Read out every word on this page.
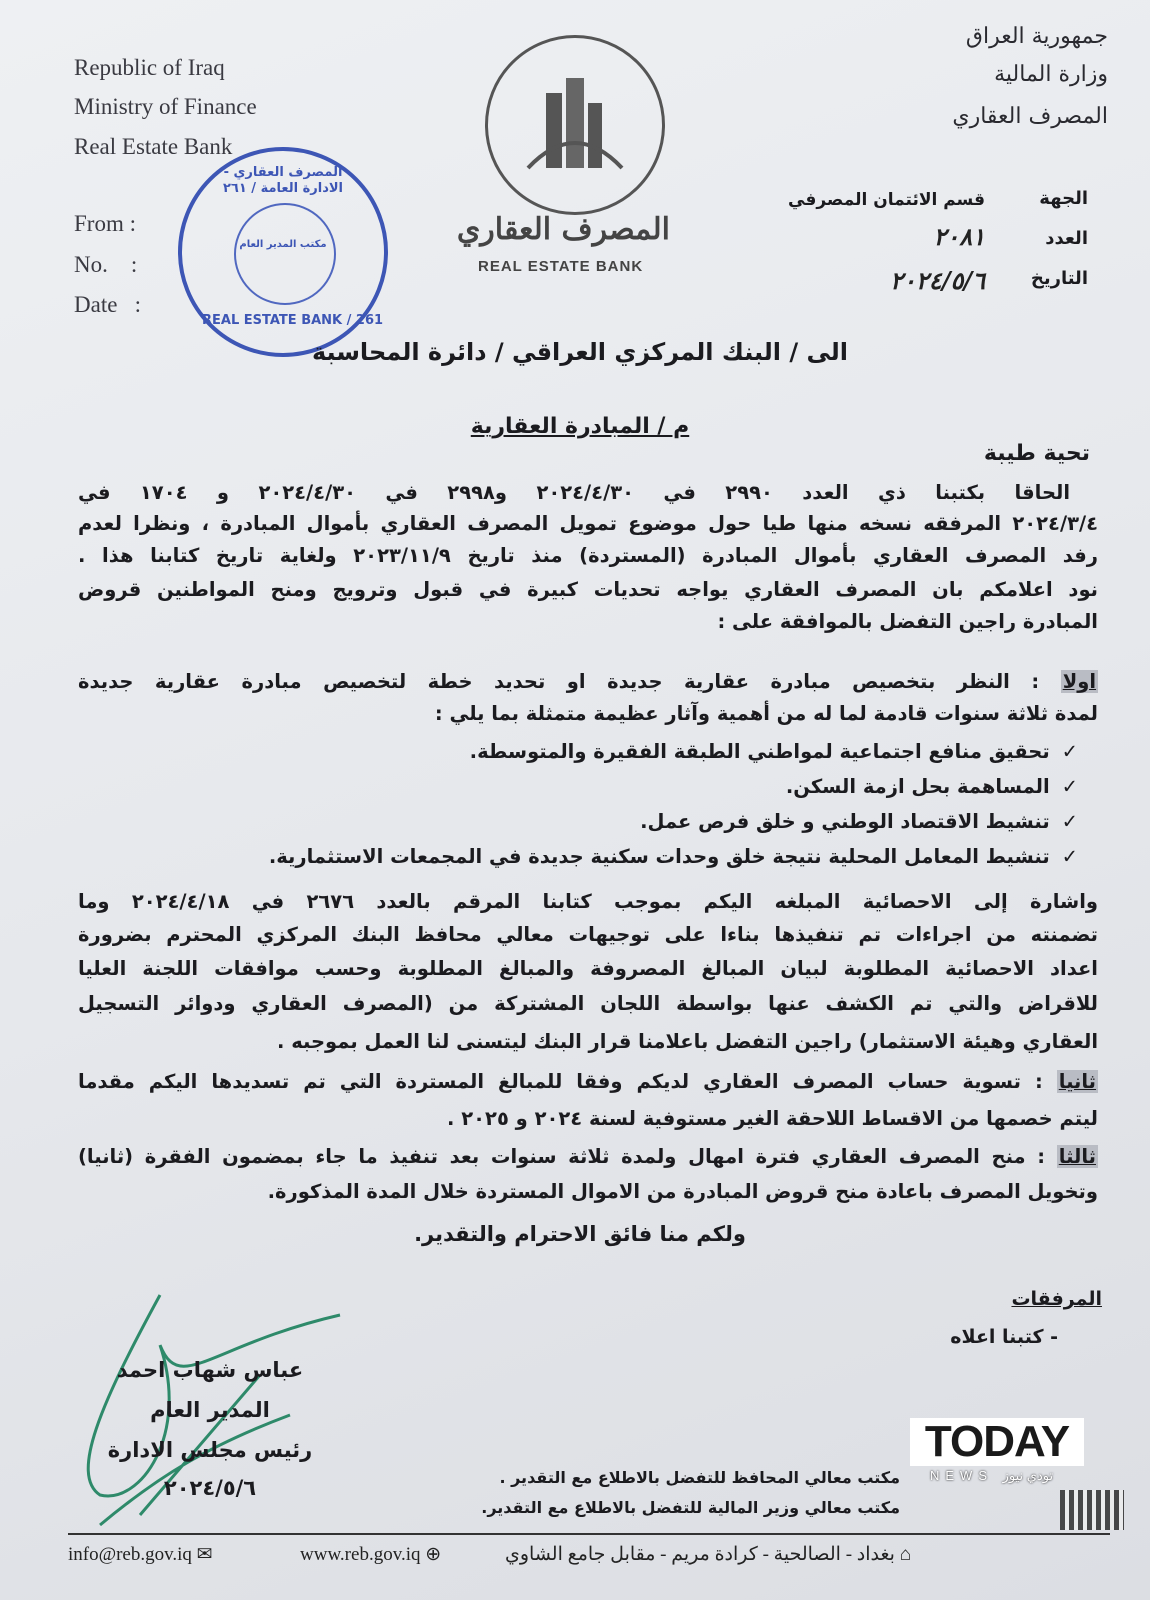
Republic of Iraq
Ministry of Finance
Real Estate Bank
From :
No.    :
Date   :
جمهورية العراق
وزارة المالية
المصرف العقاري
الجهة
قسم الائتمان المصرفي
العدد
٢٠٨١
التاريخ
٢٠٢٤/٥/٦
المصرف العقاري
REAL ESTATE BANK
المصرف العقاري - الادارة العامة / ٢٦١
مكتب المدير العام
REAL ESTATE BANK / 261
الى / البنك المركزي العراقي / دائرة المحاسبة
م / المبادرة العقارية
تحية طيبة
الحاقا بكتبنا ذي العدد ٢٩٩٠ في ٢٠٢٤/٤/٣٠ و٢٩٩٨ في ٢٠٢٤/٤/٣٠ و ١٧٠٤ في
٢٠٢٤/٣/٤ المرفقه نسخه منها طيا حول موضوع تمويل المصرف العقاري بأموال المبادرة ، ونظرا لعدم
رفد المصرف العقاري بأموال المبادرة (المستردة) منذ تاريخ ٢٠٢٣/١١/٩ ولغاية تاريخ كتابنا هذا .
نود اعلامكم بان المصرف العقاري يواجه تحديات كبيرة في قبول وترويج ومنح المواطنين قروض
المبادرة راجين التفضل بالموافقة على :
اولا : النظر بتخصيص مبادرة عقارية جديدة او تحديد خطة لتخصيص مبادرة عقارية جديدة
لمدة ثلاثة سنوات قادمة لما له من أهمية وآثار عظيمة متمثلة بما يلي :
✓تحقيق منافع اجتماعية لمواطني الطبقة الفقيرة والمتوسطة.
✓المساهمة بحل ازمة السكن.
✓تنشيط الاقتصاد الوطني و خلق فرص عمل.
✓تنشيط المعامل المحلية نتيجة خلق وحدات سكنية جديدة في المجمعات الاستثمارية.
واشارة إلى الاحصائية المبلغه اليكم بموجب كتابنا المرقم بالعدد ٢٦٧٦ في ٢٠٢٤/٤/١٨ وما
تضمنته من اجراءات تم تنفيذها بناءا على توجيهات معالي محافظ البنك المركزي المحترم بضرورة
اعداد الاحصائية المطلوبة لبيان المبالغ المصروفة والمبالغ المطلوبة وحسب موافقات اللجنة العليا
للاقراض والتي تم الكشف عنها بواسطة اللجان المشتركة من (المصرف العقاري ودوائر التسجيل
العقاري وهيئة الاستثمار) راجين التفضل باعلامنا قرار البنك ليتسنى لنا العمل بموجبه .
ثانيا : تسوية حساب المصرف العقاري لديكم وفقا للمبالغ المستردة التي تم تسديدها اليكم مقدما
ليتم خصمها من الاقساط اللاحقة الغير مستوفية لسنة ٢٠٢٤ و ٢٠٢٥ .
ثالثا : منح المصرف العقاري فترة امهال ولمدة ثلاثة سنوات بعد تنفيذ ما جاء بمضمون الفقرة (ثانيا)
وتخويل المصرف باعادة منح قروض المبادرة من الاموال المستردة خلال المدة المذكورة.
ولكم منا فائق الاحترام والتقدير.
المرفقات
- كتبنا اعلاه
عباس شهاب احمد
المدير العام
رئيس مجلس الادارة
٢٠٢٤/٥/٦	مكتب معالي المحافظ للتفضل بالاطلاع مع التقدير .
مكتب معالي وزير المالية للتفضل بالاطلاع مع التقدير.
TODAY
NEWS تودي نيوز
info@reb.gov.iq ✉	www.reb.gov.iq ⊕	⌂ بغداد - الصالحية - كرادة مريم - مقابل جامع الشاوي
